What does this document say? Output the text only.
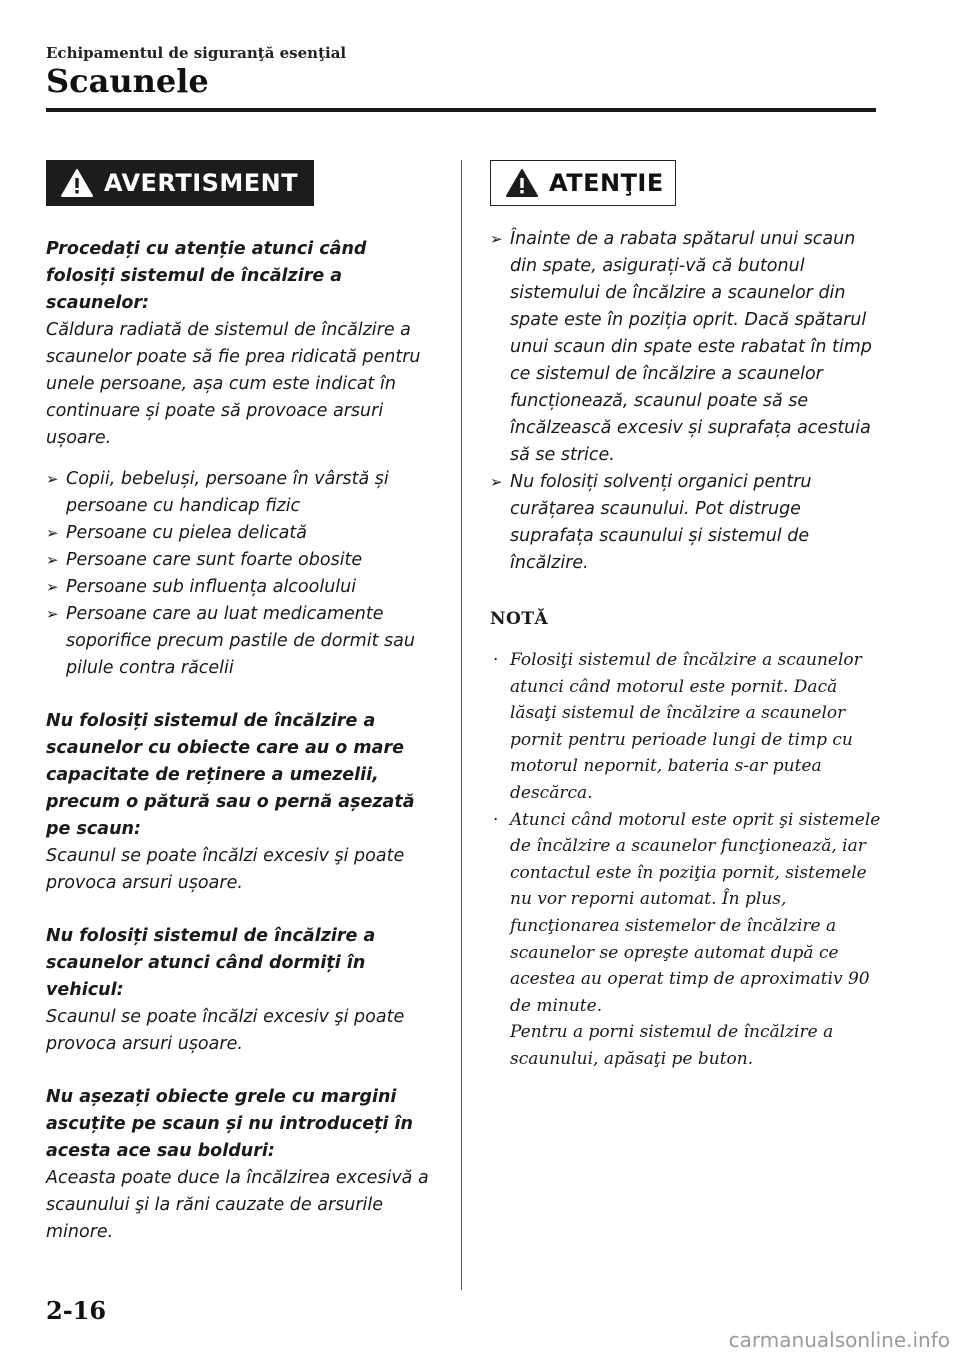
Echipamentul de siguranţă esenţial
Scaunele
AVERTISMENT

Procedați cu atenție atunci când folosiți sistemul de încălzire a scaunelor:

Căldura radiată de sistemul de încălzire a scaunelor poate să fie prea ridicată pentru unele persoane, așa cum este indicat în continuare și poate să provoace arsuri ușoare.

➢ Copii, bebeluși, persoane în vârstă și persoane cu handicap fizic
➢ Persoane cu pielea delicată
➢ Persoane care sunt foarte obosite
➢ Persoane sub influența alcoolului
➢ Persoane care au luat medicamente soporifice precum pastile de dormit sau pilule contra răcelii

Nu folosiți sistemul de încălzire a scaunelor cu obiecte care au o mare capacitate de reținere a umezelii, precum o pătură sau o pernă așezată pe scaun:

Scaunul se poate încălzi excesiv şi poate provoca arsuri ușoare.

Nu folosiți sistemul de încălzire a scaunelor atunci când dormiți în vehicul:

Scaunul se poate încălzi excesiv şi poate provoca arsuri ușoare.

Nu așezați obiecte grele cu margini ascuțite pe scaun și nu introduceți în acesta ace sau bolduri:

Aceasta poate duce la încălzirea excesivă a scaunului şi la răni cauzate de arsurile minore.

ATENŢIE
➢ Înainte de a rabata spătarul unui scaun din spate, asigurați-vă că butonul sistemului de încălzire a scaunelor din spate este în poziția oprit. Dacă spătarul unui scaun din spate este rabatat în timp ce sistemul de încălzire a scaunelor funcționează, scaunul poate să se încălzească excesiv și suprafața acestuia să se strice.
➢ Nu folosiți solvenți organici pentru curățarea scaunului. Pot distruge suprafața scaunului și sistemul de încălzire.

NOTĂ

· Folosiţi sistemul de încălzire a scaunelor atunci când motorul este pornit. Dacă lăsaţi sistemul de încălzire a scaunelor pornit pentru perioade lungi de timp cu motorul nepornit, bateria s-ar putea descărca.
· Atunci când motorul este oprit şi sistemele de încălzire a scaunelor funcţionează, iar contactul este în poziţia pornit, sistemele nu vor reporni automat. În plus, funcţionarea sistemelor de încălzire a scaunelor se opreşte automat după ce acestea au operat timp de aproximativ 90 de minute.
Pentru a porni sistemul de încălzire a scaunului, apăsaţi pe buton.
2-16
carmanualsonline.info
